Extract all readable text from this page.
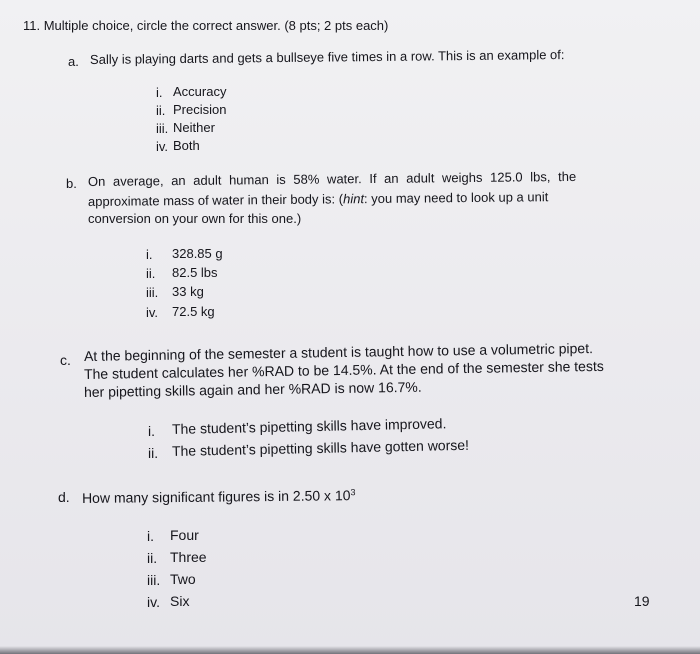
11. Multiple choice, circle the correct answer. (8 pts; 2 pts each)

a. Sally is playing darts and gets a bullseye five times in a row. This is an example of:

i. Accuracy

ii. Precision

iii. Neither

iv. Both

b. On average, an adult human is 58% water. If an adult weighs 125.0 lbs, the

approximate mass of water in their body is: (hint: you may need to look up a unit

conversion on your own for this one.)

i. 328.85 g

ii. 82.5 lbs

iii. 33 kg

iv. 72.5 kg

c. At the beginning of the semester a student is taught how to use a volumetric pipet.

The student calculates her %RAD to be 14.5%. At the end of the semester she tests

her pipetting skills again and her %RAD is now 16.7%.

i. The student’s pipetting skills have improved.

ii. The student’s pipetting skills have gotten worse!

d. How many significant figures is in 2.50 x $10^3$

i. Four

ii. Three

iii. Two

iv. Six	19
